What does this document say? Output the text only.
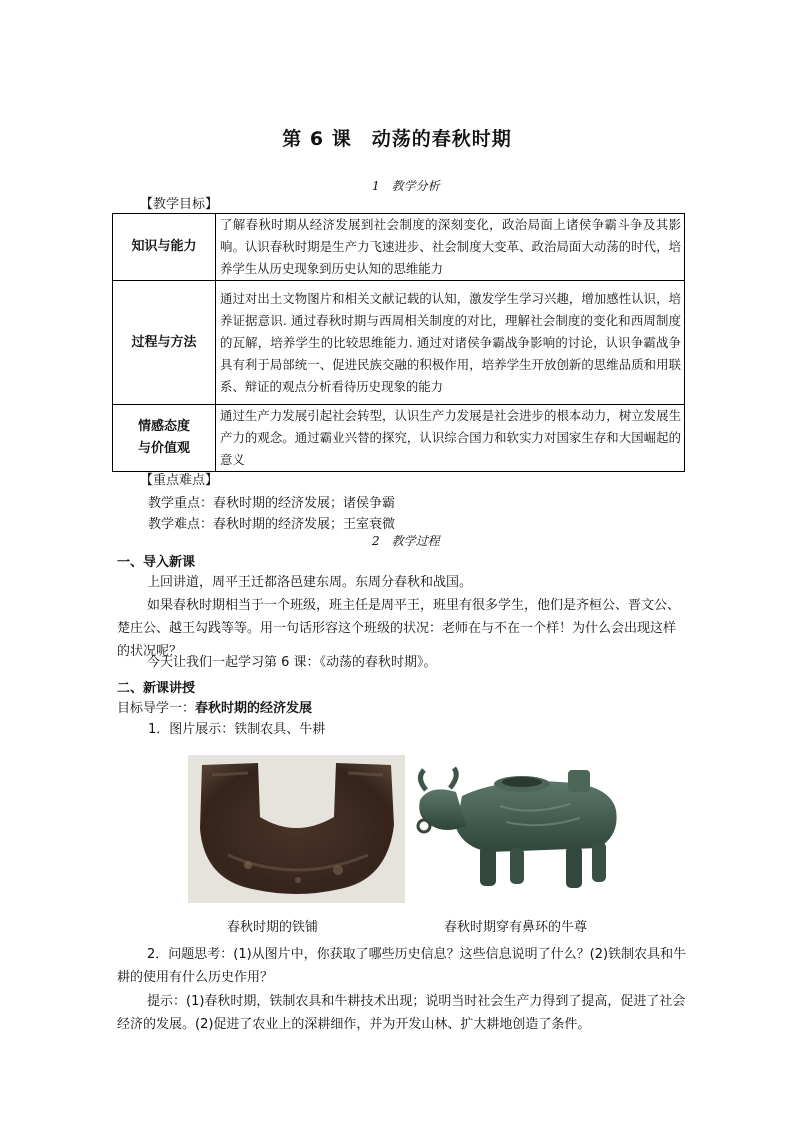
第 6 课　动荡的春秋时期
1　教学分析
【教学目标】
知识与能力	了解春秋时期从经济发展到社会制度的深刻变化，政治局面上诸侯争霸斗争及其影响。认识春秋时期是生产力飞速进步、社会制度大变革、政治局面大动荡的时代，培养学生从历史现象到历史认知的思维能力
过程与方法	通过对出土文物图片和相关文献记载的认知，激发学生学习兴趣，增加感性认识，培养证据意识. 通过春秋时期与西周相关制度的对比，理解社会制度的变化和西周制度的瓦解，培养学生的比较思维能力. 通过对诸侯争霸战争影响的讨论，认识争霸战争具有利于局部统一、促进民族交融的积极作用，培养学生开放创新的思维品质和用联系、辩证的观点分析看待历史现象的能力

情感态度
与价值观	通过生产力发展引起社会转型，认识生产力发展是社会进步的根本动力，树立发展生产力的观念。通过霸业兴替的探究，认识综合国力和软实力对国家生存和大国崛起的意义
【重点难点】
教学重点：春秋时期的经济发展；诸侯争霸
教学难点：春秋时期的经济发展；王室衰微
2　教学过程
一、导入新课
上回讲道，周平王迁都洛邑建东周。东周分春秋和战国。
如果春秋时期相当于一个班级，班主任是周平王，班里有很多学生，他们是齐桓公、晋文公、楚庄公、越王勾践等等。用一句话形容这个班级的状况：老师在与不在一个样！为什么会出现这样的状况呢？
今天让我们一起学习第 6 课：《动荡的春秋时期》。
二、新课讲授
目标导学一：春秋时期的经济发展
1．图片展示：铁制农具、牛耕
春秋时期的铁铺	春秋时期穿有鼻环的牛尊
2．问题思考：(1)从图片中，你获取了哪些历史信息？这些信息说明了什么？(2)铁制农具和牛耕的使用有什么历史作用？
提示：(1)春秋时期，铁制农具和牛耕技术出现；说明当时社会生产力得到了提高，促进了社会经济的发展。(2)促进了农业上的深耕细作，并为开发山林、扩大耕地创造了条件。
